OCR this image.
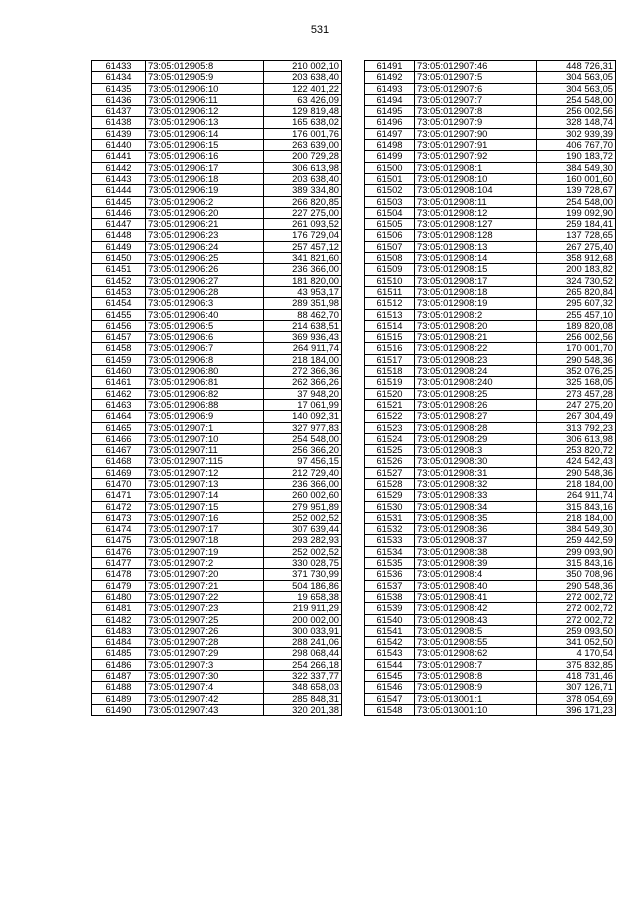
531
61433	73:05:012905:8	210 002,10
61434	73:05:012905:9	203 638,40
61435	73:05:012906:10	122 401,22
61436	73:05:012906:11	63 426,09
61437	73:05:012906:12	129 819,48
61438	73:05:012906:13	165 638,02
61439	73:05:012906:14	176 001,76
61440	73:05:012906:15	263 639,00
61441	73:05:012906:16	200 729,28
61442	73:05:012906:17	306 613,98
61443	73:05:012906:18	203 638,40
61444	73:05:012906:19	389 334,80
61445	73:05:012906:2	266 820,85
61446	73:05:012906:20	227 275,00
61447	73:05:012906:21	261 093,52
61448	73:05:012906:23	176 729,04
61449	73:05:012906:24	257 457,12
61450	73:05:012906:25	341 821,60
61451	73:05:012906:26	236 366,00
61452	73:05:012906:27	181 820,00
61453	73:05:012906:28	43 953,17
61454	73:05:012906:3	289 351,98
61455	73:05:012906:40	88 462,70
61456	73:05:012906:5	214 638,51
61457	73:05:012906:6	369 936,43
61458	73:05:012906:7	264 911,74
61459	73:05:012906:8	218 184,00
61460	73:05:012906:80	272 366,36
61461	73:05:012906:81	262 366,26
61462	73:05:012906:82	37 948,20
61463	73:05:012906:88	17 061,99
61464	73:05:012906:9	140 092,31
61465	73:05:012907:1	327 977,83
61466	73:05:012907:10	254 548,00
61467	73:05:012907:11	256 366,20
61468	73:05:012907:115	97 456,15
61469	73:05:012907:12	212 729,40
61470	73:05:012907:13	236 366,00
61471	73:05:012907:14	260 002,60
61472	73:05:012907:15	279 951,89
61473	73:05:012907:16	252 002,52
61474	73:05:012907:17	307 639,44
61475	73:05:012907:18	293 282,93
61476	73:05:012907:19	252 002,52
61477	73:05:012907:2	330 028,75
61478	73:05:012907:20	371 730,99
61479	73:05:012907:21	504 186,86
61480	73:05:012907:22	19 658,38
61481	73:05:012907:23	219 911,29
61482	73:05:012907:25	200 002,00
61483	73:05:012907:26	300 033,91
61484	73:05:012907:28	288 241,06
61485	73:05:012907:29	298 068,44
61486	73:05:012907:3	254 266,18
61487	73:05:012907:30	322 337,77
61488	73:05:012907:4	348 658,03
61489	73:05:012907:42	285 848,31
61490	73:05:012907:43	320 201,38
61491	73:05:012907:46	448 726,31
61492	73:05:012907:5	304 563,05
61493	73:05:012907:6	304 563,05
61494	73:05:012907:7	254 548,00
61495	73:05:012907:8	256 002,56
61496	73:05:012907:9	328 148,74
61497	73:05:012907:90	302 939,39
61498	73:05:012907:91	406 767,70
61499	73:05:012907:92	190 183,72
61500	73:05:012908:1	384 549,30
61501	73:05:012908:10	160 001,60
61502	73:05:012908:104	139 728,67
61503	73:05:012908:11	254 548,00
61504	73:05:012908:12	199 092,90
61505	73:05:012908:127	259 184,41
61506	73:05:012908:128	137 728,65
61507	73:05:012908:13	267 275,40
61508	73:05:012908:14	358 912,68
61509	73:05:012908:15	200 183,82
61510	73:05:012908:17	324 730,52
61511	73:05:012908:18	265 820,84
61512	73:05:012908:19	295 607,32
61513	73:05:012908:2	255 457,10
61514	73:05:012908:20	189 820,08
61515	73:05:012908:21	256 002,56
61516	73:05:012908:22	170 001,70
61517	73:05:012908:23	290 548,36
61518	73:05:012908:24	352 076,25
61519	73:05:012908:240	325 168,05
61520	73:05:012908:25	273 457,28
61521	73:05:012908:26	247 275,20
61522	73:05:012908:27	267 304,49
61523	73:05:012908:28	313 792,23
61524	73:05:012908:29	306 613,98
61525	73:05:012908:3	253 820,72
61526	73:05:012908:30	424 542,43
61527	73:05:012908:31	290 548,36
61528	73:05:012908:32	218 184,00
61529	73:05:012908:33	264 911,74
61530	73:05:012908:34	315 843,16
61531	73:05:012908:35	218 184,00
61532	73:05:012908:36	384 549,30
61533	73:05:012908:37	259 442,59
61534	73:05:012908:38	299 093,90
61535	73:05:012908:39	315 843,16
61536	73:05:012908:4	350 708,96
61537	73:05:012908:40	290 548,36
61538	73:05:012908:41	272 002,72
61539	73:05:012908:42	272 002,72
61540	73:05:012908:43	272 002,72
61541	73:05:012908:5	259 093,50
61542	73:05:012908:55	341 052,50
61543	73:05:012908:62	4 170,54
61544	73:05:012908:7	375 832,85
61545	73:05:012908:8	418 731,46
61546	73:05:012908:9	307 126,71
61547	73:05:013001:1	378 054,69
61548	73:05:013001:10	396 171,23
